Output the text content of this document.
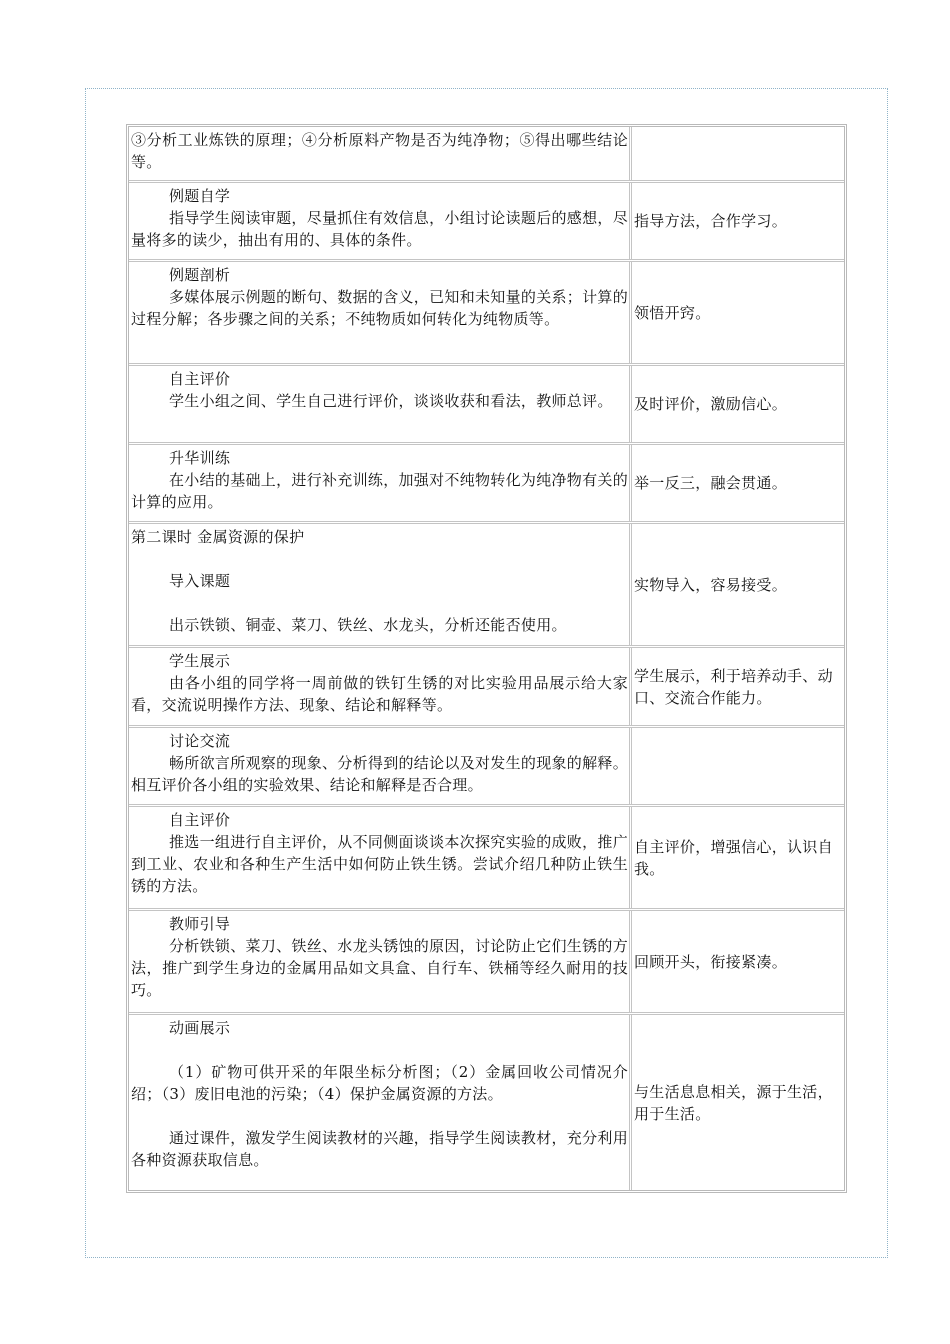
③分析工业炼铁的原理；④分析原料产物是否为纯净物；⑤得出哪些结论等。

例题自学

指导学生阅读审题，尽量抓住有效信息，小组讨论读题后的感想，尽量将多的读少，抽出有用的、具体的条件。

指导方法，合作学习。

例题剖析

多媒体展示例题的断句、数据的含义，已知和未知量的关系；计算的过程分解；各步骤之间的关系；不纯物质如何转化为纯物质等。	领悟开窍。

自主评价

学生小组之间、学生自己进行评价，谈谈收获和看法，教师总评。	及时评价，激励信心。

升华训练

在小结的基础上，进行补充训练，加强对不纯物转化为纯净物有关的计算的应用。

举一反三，融会贯通。

第二课时 金属资源的保护

导入课题

出示铁锁、铜壶、菜刀、铁丝、水龙头，分析还能否使用。

实物导入，容易接受。

学生展示

由各小组的同学将一周前做的铁钉生锈的对比实验用品展示给大家看，交流说明操作方法、现象、结论和解释等。

学生展示，利于培养动手、动口、交流合作能力。

讨论交流

畅所欲言所观察的现象、分析得到的结论以及对发生的现象的解释。相互评价各小组的实验效果、结论和解释是否合理。

自主评价

推选一组进行自主评价，从不同侧面谈谈本次探究实验的成败，推广到工业、农业和各种生产生活中如何防止铁生锈。尝试介绍几种防止铁生锈的方法。

自主评价，增强信心，认识自我。

教师引导

分析铁锁、菜刀、铁丝、水龙头锈蚀的原因，讨论防止它们生锈的方法，推广到学生身边的金属用品如文具盒、自行车、铁桶等经久耐用的技巧。

回顾开头，衔接紧凑。

动画展示

（1）矿物可供开采的年限坐标分析图；（2）金属回收公司情况介绍；（3）废旧电池的污染；（4）保护金属资源的方法。

通过课件，激发学生阅读教材的兴趣，指导学生阅读教材，充分利用各种资源获取信息。

与生活息息相关，源于生活，用于生活。
